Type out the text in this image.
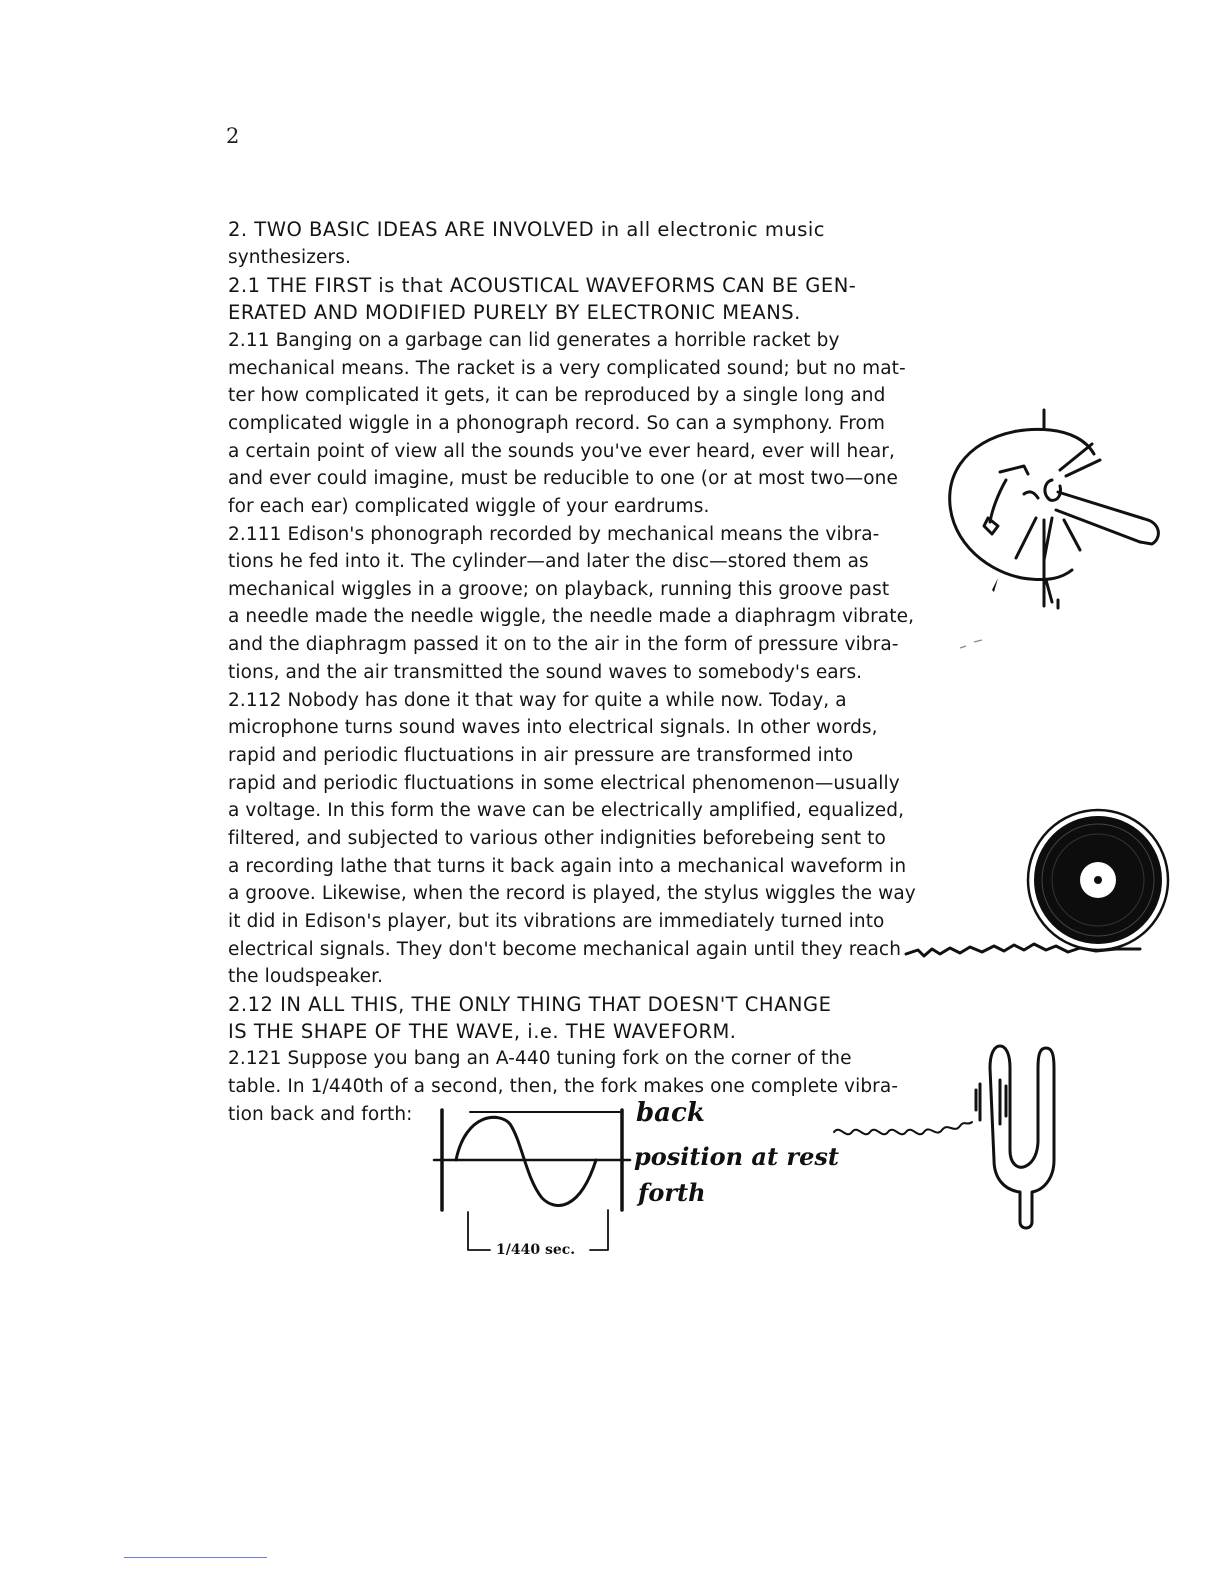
2
2. TWO BASIC IDEAS ARE INVOLVED in all electronic music
synthesizers.
2.1 THE FIRST is that ACOUSTICAL WAVEFORMS CAN BE GEN-
ERATED AND MODIFIED PURELY BY ELECTRONIC MEANS.
2.11 Banging on a garbage can lid generates a horrible racket by
mechanical means. The racket is a very complicated sound; but no mat-
ter how complicated it gets, it can be reproduced by a single long and
complicated wiggle in a phonograph record. So can a symphony. From
a certain point of view all the sounds you've ever heard, ever will hear,
and ever could imagine, must be reducible to one (or at most two—one
for each ear) complicated wiggle of your eardrums.
2.111 Edison's phonograph recorded by mechanical means the vibra-
tions he fed into it. The cylinder—and later the disc—stored them as
mechanical wiggles in a groove; on playback, running this groove past
a needle made the needle wiggle, the needle made a diaphragm vibrate,
and the diaphragm passed it on to the air in the form of pressure vibra-
tions, and the air transmitted the sound waves to somebody's ears.
2.112 Nobody has done it that way for quite a while now. Today, a
microphone turns sound waves into electrical signals. In other words,
rapid and periodic fluctuations in air pressure are transformed into
rapid and periodic fluctuations in some electrical phenomenon—usually
a voltage. In this form the wave can be electrically amplified, equalized,
filtered, and subjected to various other indignities beforebeing sent to
a recording lathe that turns it back again into a mechanical waveform in
a groove. Likewise, when the record is played, the stylus wiggles the way
it did in Edison's player, but its vibrations are immediately turned into
electrical signals. They don't become mechanical again until they reach
the loudspeaker.
2.12 IN ALL THIS, THE ONLY THING THAT DOESN'T CHANGE
IS THE SHAPE OF THE WAVE, i.e. THE WAVEFORM.
2.121 Suppose you bang an A-440 tuning fork on the corner of the
table. In 1/440th of a second, then, the fork makes one complete vibra-
tion back and forth:	back
position at rest
forth
1/440 sec.
